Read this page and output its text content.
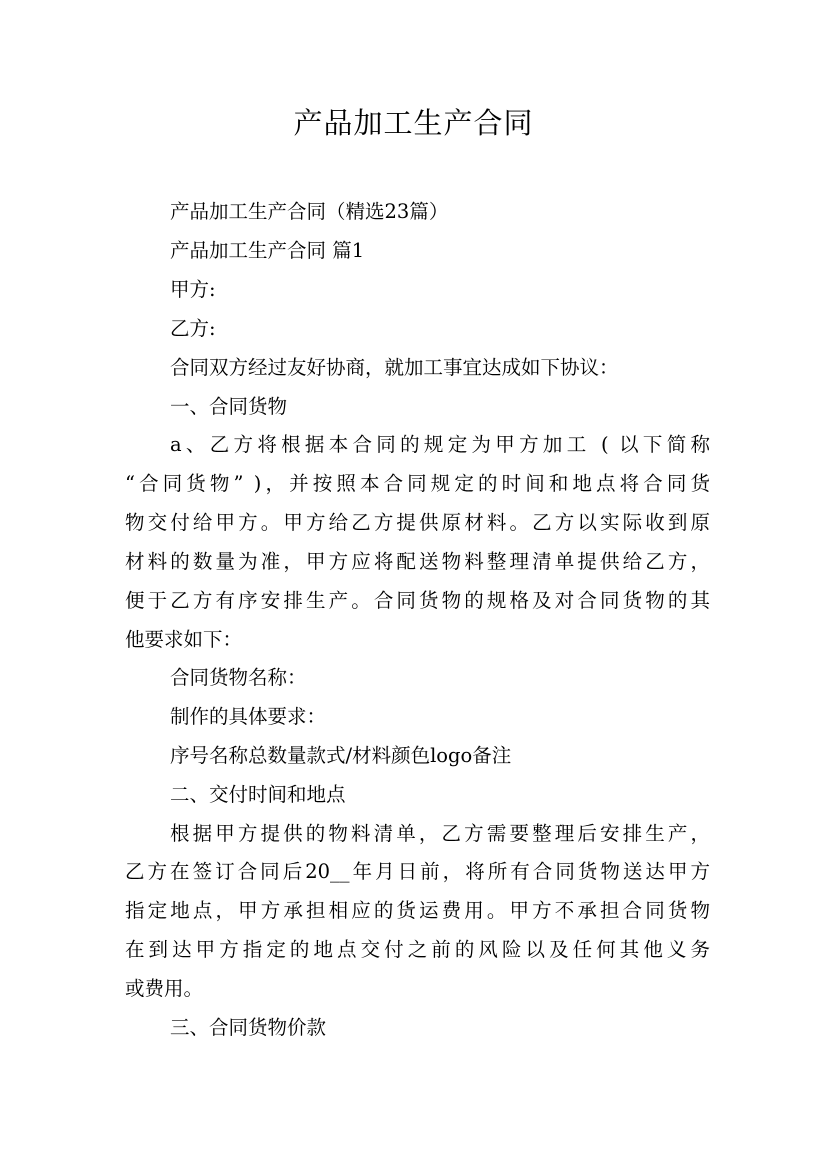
产品加工生产合同

产品加工生产合同（精选23篇）

产品加工生产合同 篇1

甲方:

乙方:

合同双方经过友好协商，就加工事宜达成如下协议：

一、合同货物

a、乙方将根据本合同的规定为甲方加工 ( 以下简称

“合同货物” )，并按照本合同规定的时间和地点将合同货

物交付给甲方。甲方给乙方提供原材料。乙方以实际收到原

材料的数量为准，甲方应将配送物料整理清单提供给乙方，

便于乙方有序安排生产。合同货物的规格及对合同货物的其

他要求如下：

合同货物名称：

制作的具体要求：

序号名称总数量款式/材料颜色logo备注

二、交付时间和地点

根据甲方提供的物料清单，乙方需要整理后安排生产，

乙方在签订合同后20__年月日前，将所有合同货物送达甲方

指定地点，甲方承担相应的货运费用。甲方不承担合同货物

在到达甲方指定的地点交付之前的风险以及任何其他义务

或费用。

三、合同货物价款
